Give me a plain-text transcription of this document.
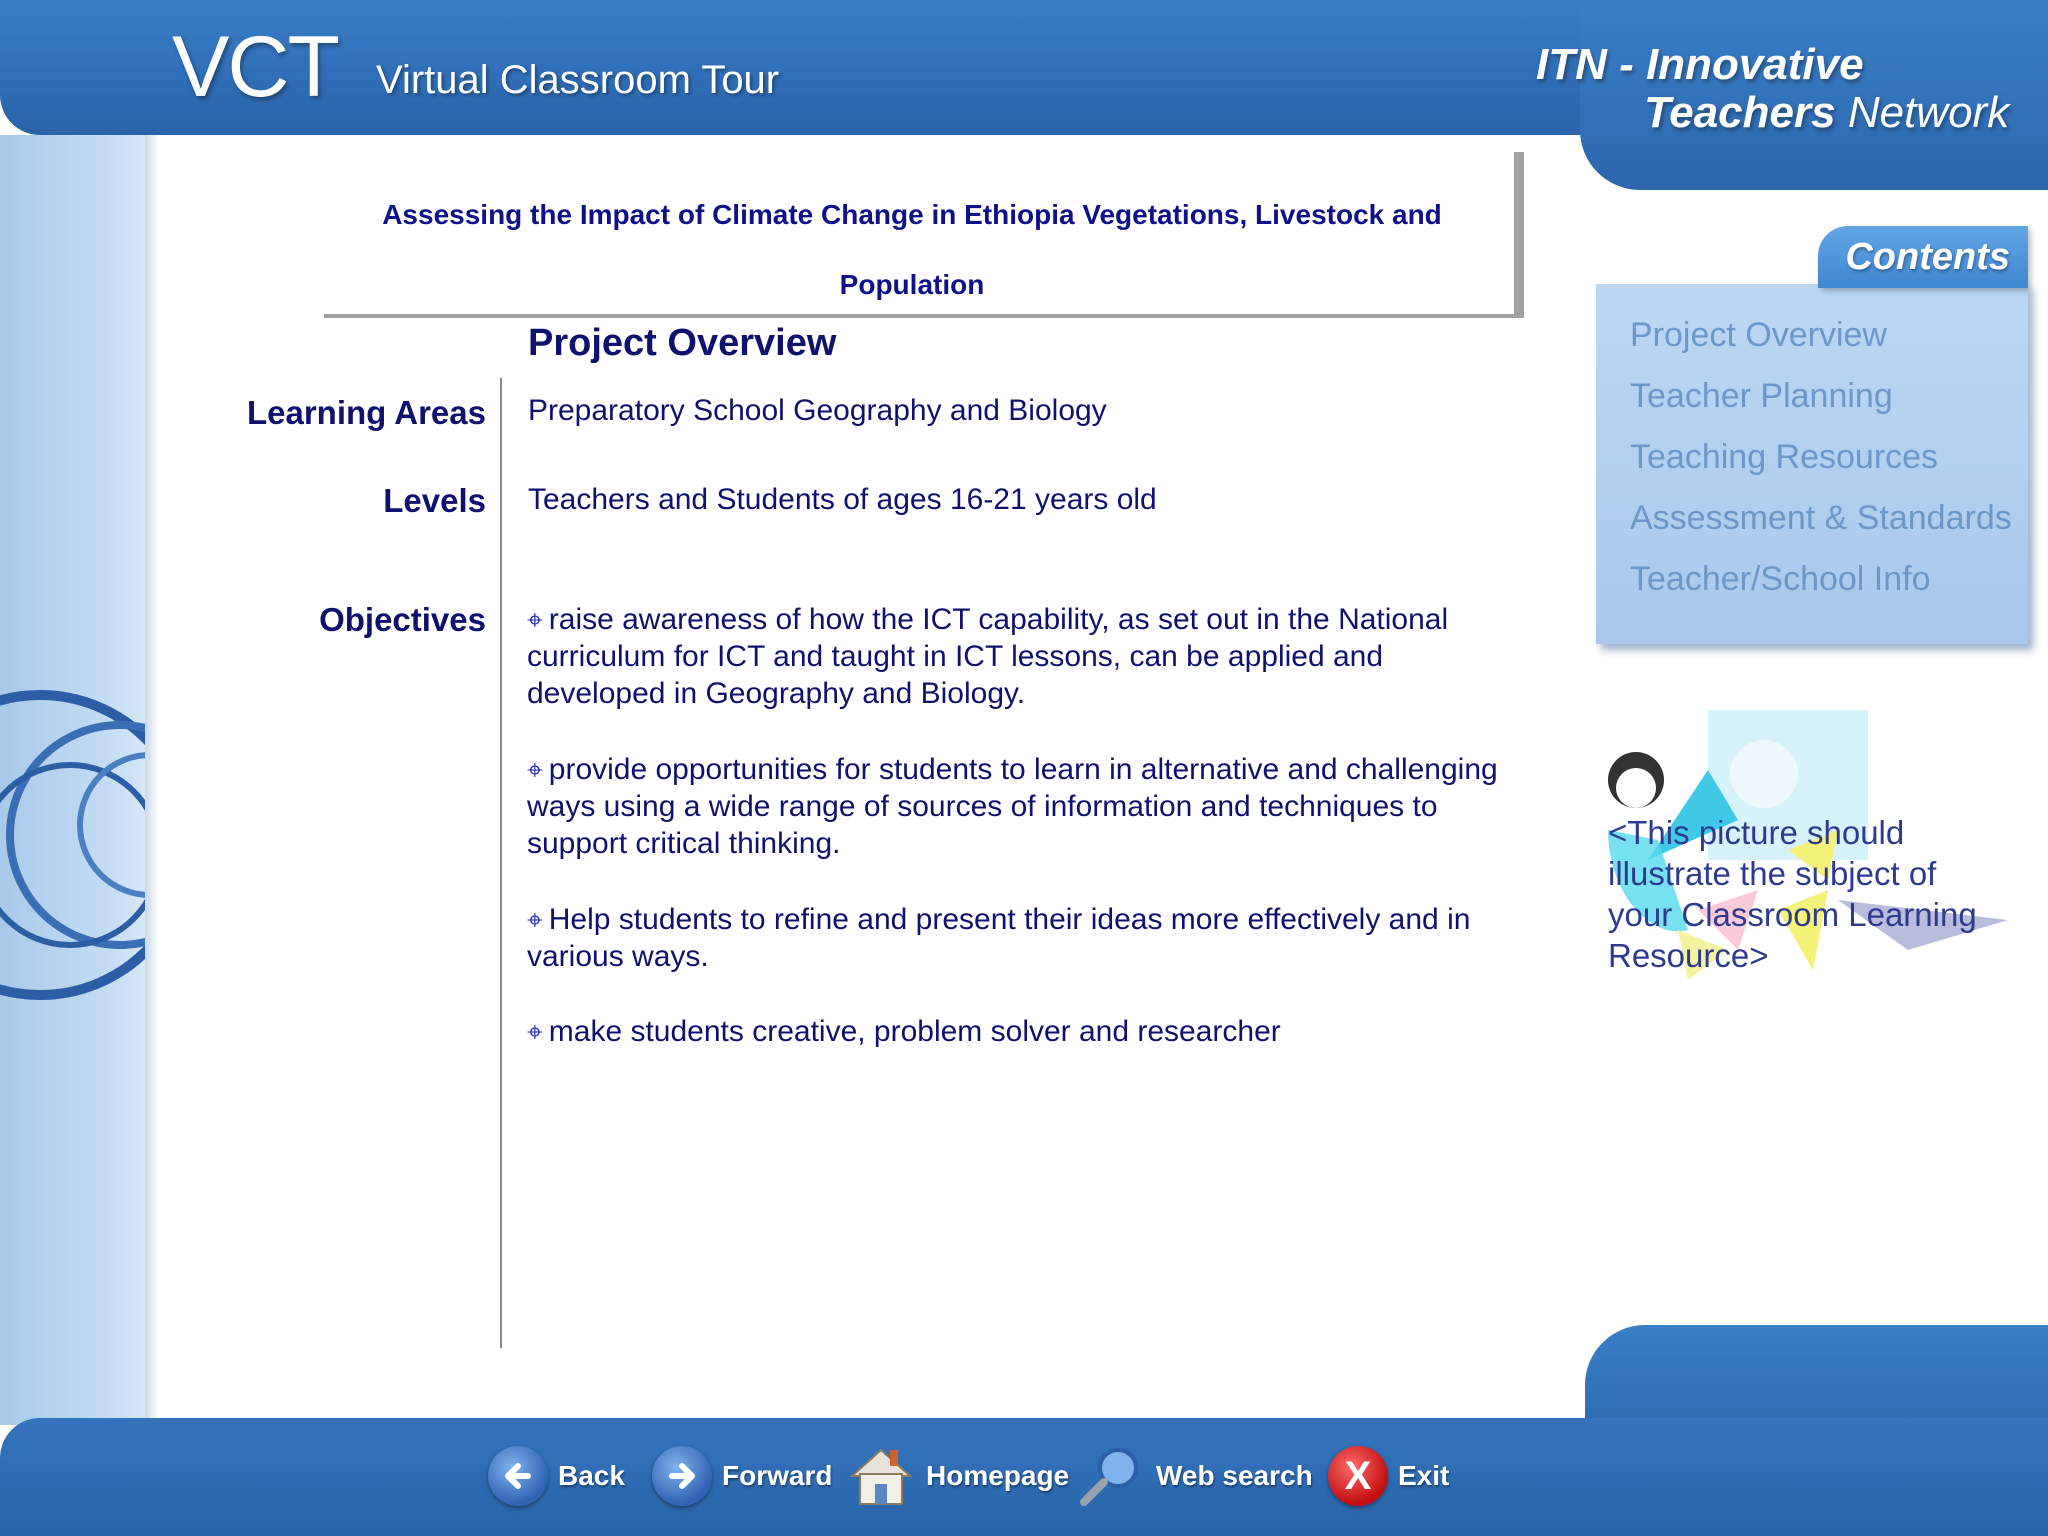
VCT Virtual Classroom Tour	ITN - Innovative
Teachers Network
Assessing the Impact of Climate Change in Ethiopia Vegetations, Livestock and Population
Project Overview
Learning Areas Preparatory School Geography and Biology
Levels Teachers and Students of ages 16-21 years old
Objectives ⌖ raise awareness of how the ICT capability, as set out in the National curriculum for ICT and taught in ICT lessons, can be applied and developed in Geography and Biology.
⌖ provide opportunities for students to learn in alternative and challenging ways using a wide range of sources of information and techniques to support critical thinking.
⌖ Help students to refine and present their ideas more effectively and in various ways.
⌖ make students creative, problem solver and researcher
Project Overview
Teacher Planning
Teaching Resources
Assessment & Standards
Teacher/School Info
Contents
<This picture should illustrate the subject of your Classroom Learning Resource>
Back	Forward	Homepage	Web search X Exit
